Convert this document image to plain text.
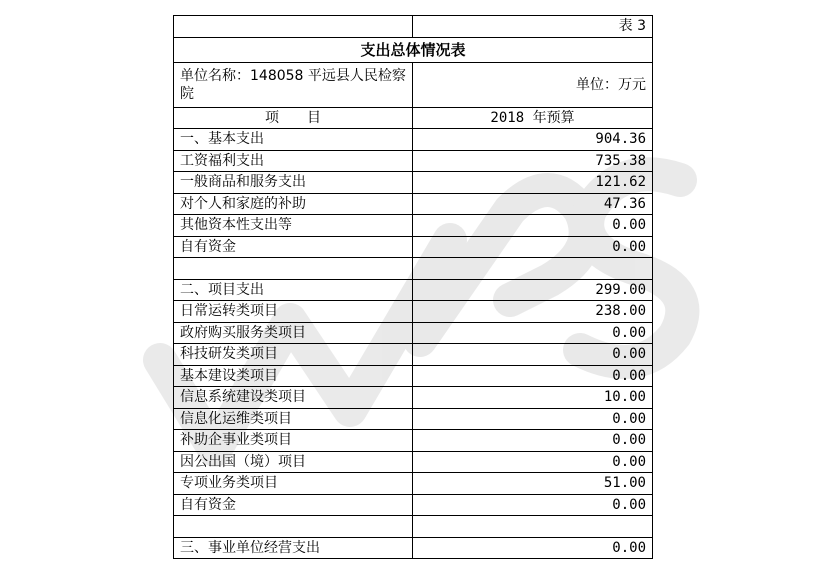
	表 3
支出总体情况表	
单位名称：148058 平远县人民检察院	单位：万元
项　　目	2018 年预算
一、基本支出	904.36
工资福利支出	735.38
一般商品和服务支出	121.62
对个人和家庭的补助	47.36
其他资本性支出等	0.00
自有资金	0.00

二、项目支出	299.00
日常运转类项目	238.00
政府购买服务类项目	0.00
科技研发类项目	0.00
基本建设类项目	0.00
信息系统建设类项目	10.00
信息化运维类项目	0.00
补助企事业类项目	0.00
因公出国（境）项目	0.00
专项业务类项目	51.00
自有资金	0.00

三、事业单位经营支出	0.00
